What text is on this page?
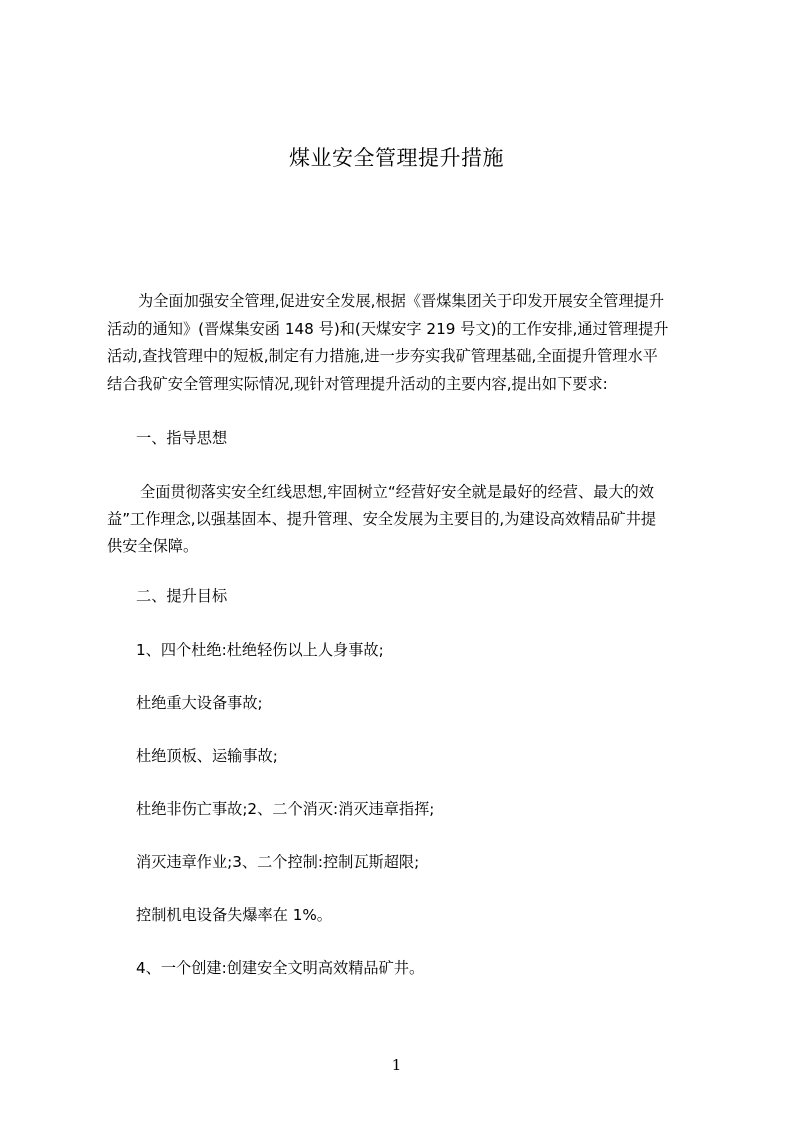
煤业安全管理提升措施
为全面加强安全管理,促进安全发展,根据《晋煤集团关于印发开展安全管理提升
活动的通知》(晋煤集安函 148 号)和(天煤安字 219 号文)的工作安排,通过管理提升
活动,查找管理中的短板,制定有力措施,进一步夯实我矿管理基础,全面提升管理水平
结合我矿安全管理实际情况,现针对管理提升活动的主要内容,提出如下要求:
一、指导思想
全面贯彻落实安全红线思想,牢固树立“经营好安全就是最好的经营、最大的效
益”工作理念,以强基固本、提升管理、安全发展为主要目的,为建设高效精品矿井提
供安全保障。
二、提升目标
1、四个杜绝:杜绝轻伤以上人身事故;
杜绝重大设备事故;
杜绝顶板、运输事故;
杜绝非伤亡事故;2、二个消灭:消灭违章指挥;
消灭违章作业;3、二个控制:控制瓦斯超限;
控制机电设备失爆率在 1%。
4、一个创建:创建安全文明高效精品矿井。
1
